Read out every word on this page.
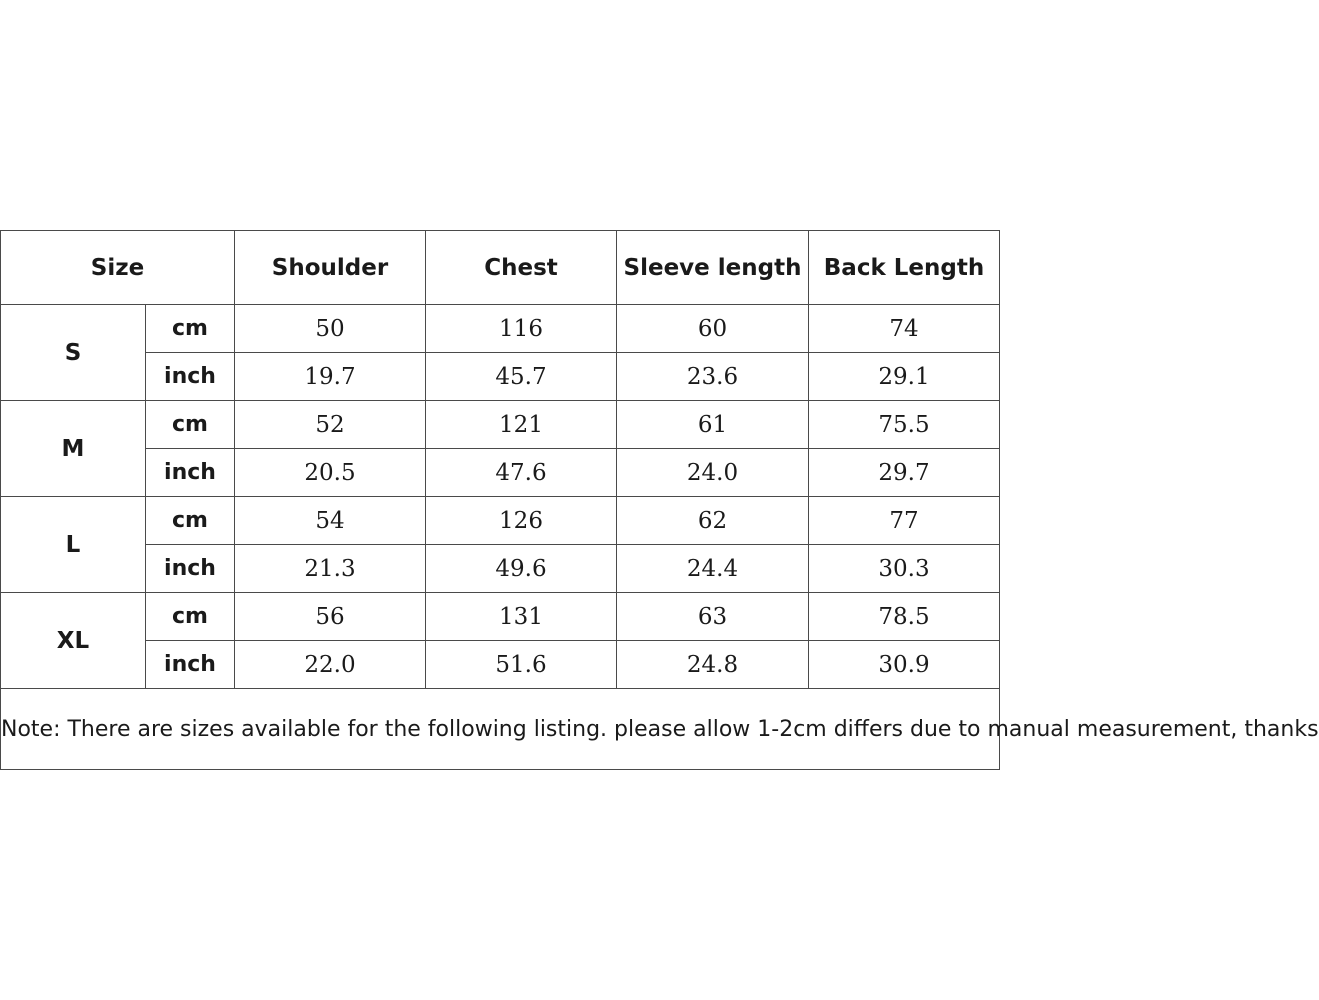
Size		Shoulder	Chest	Sleeve length	Back Length
S	cm	50	116	60	74
	inch	19.7	45.7	23.6	29.1
M	cm	52	121	61	75.5
	inch	20.5	47.6	24.0	29.7
L	cm	54	126	62	77
	inch	21.3	49.6	24.4	30.3
XL	cm	56	131	63	78.5
	inch	22.0	51.6	24.8	30.9
Note: There are sizes available for the following listing. please allow 1-2cm differs due to manual measurement, thanks					
